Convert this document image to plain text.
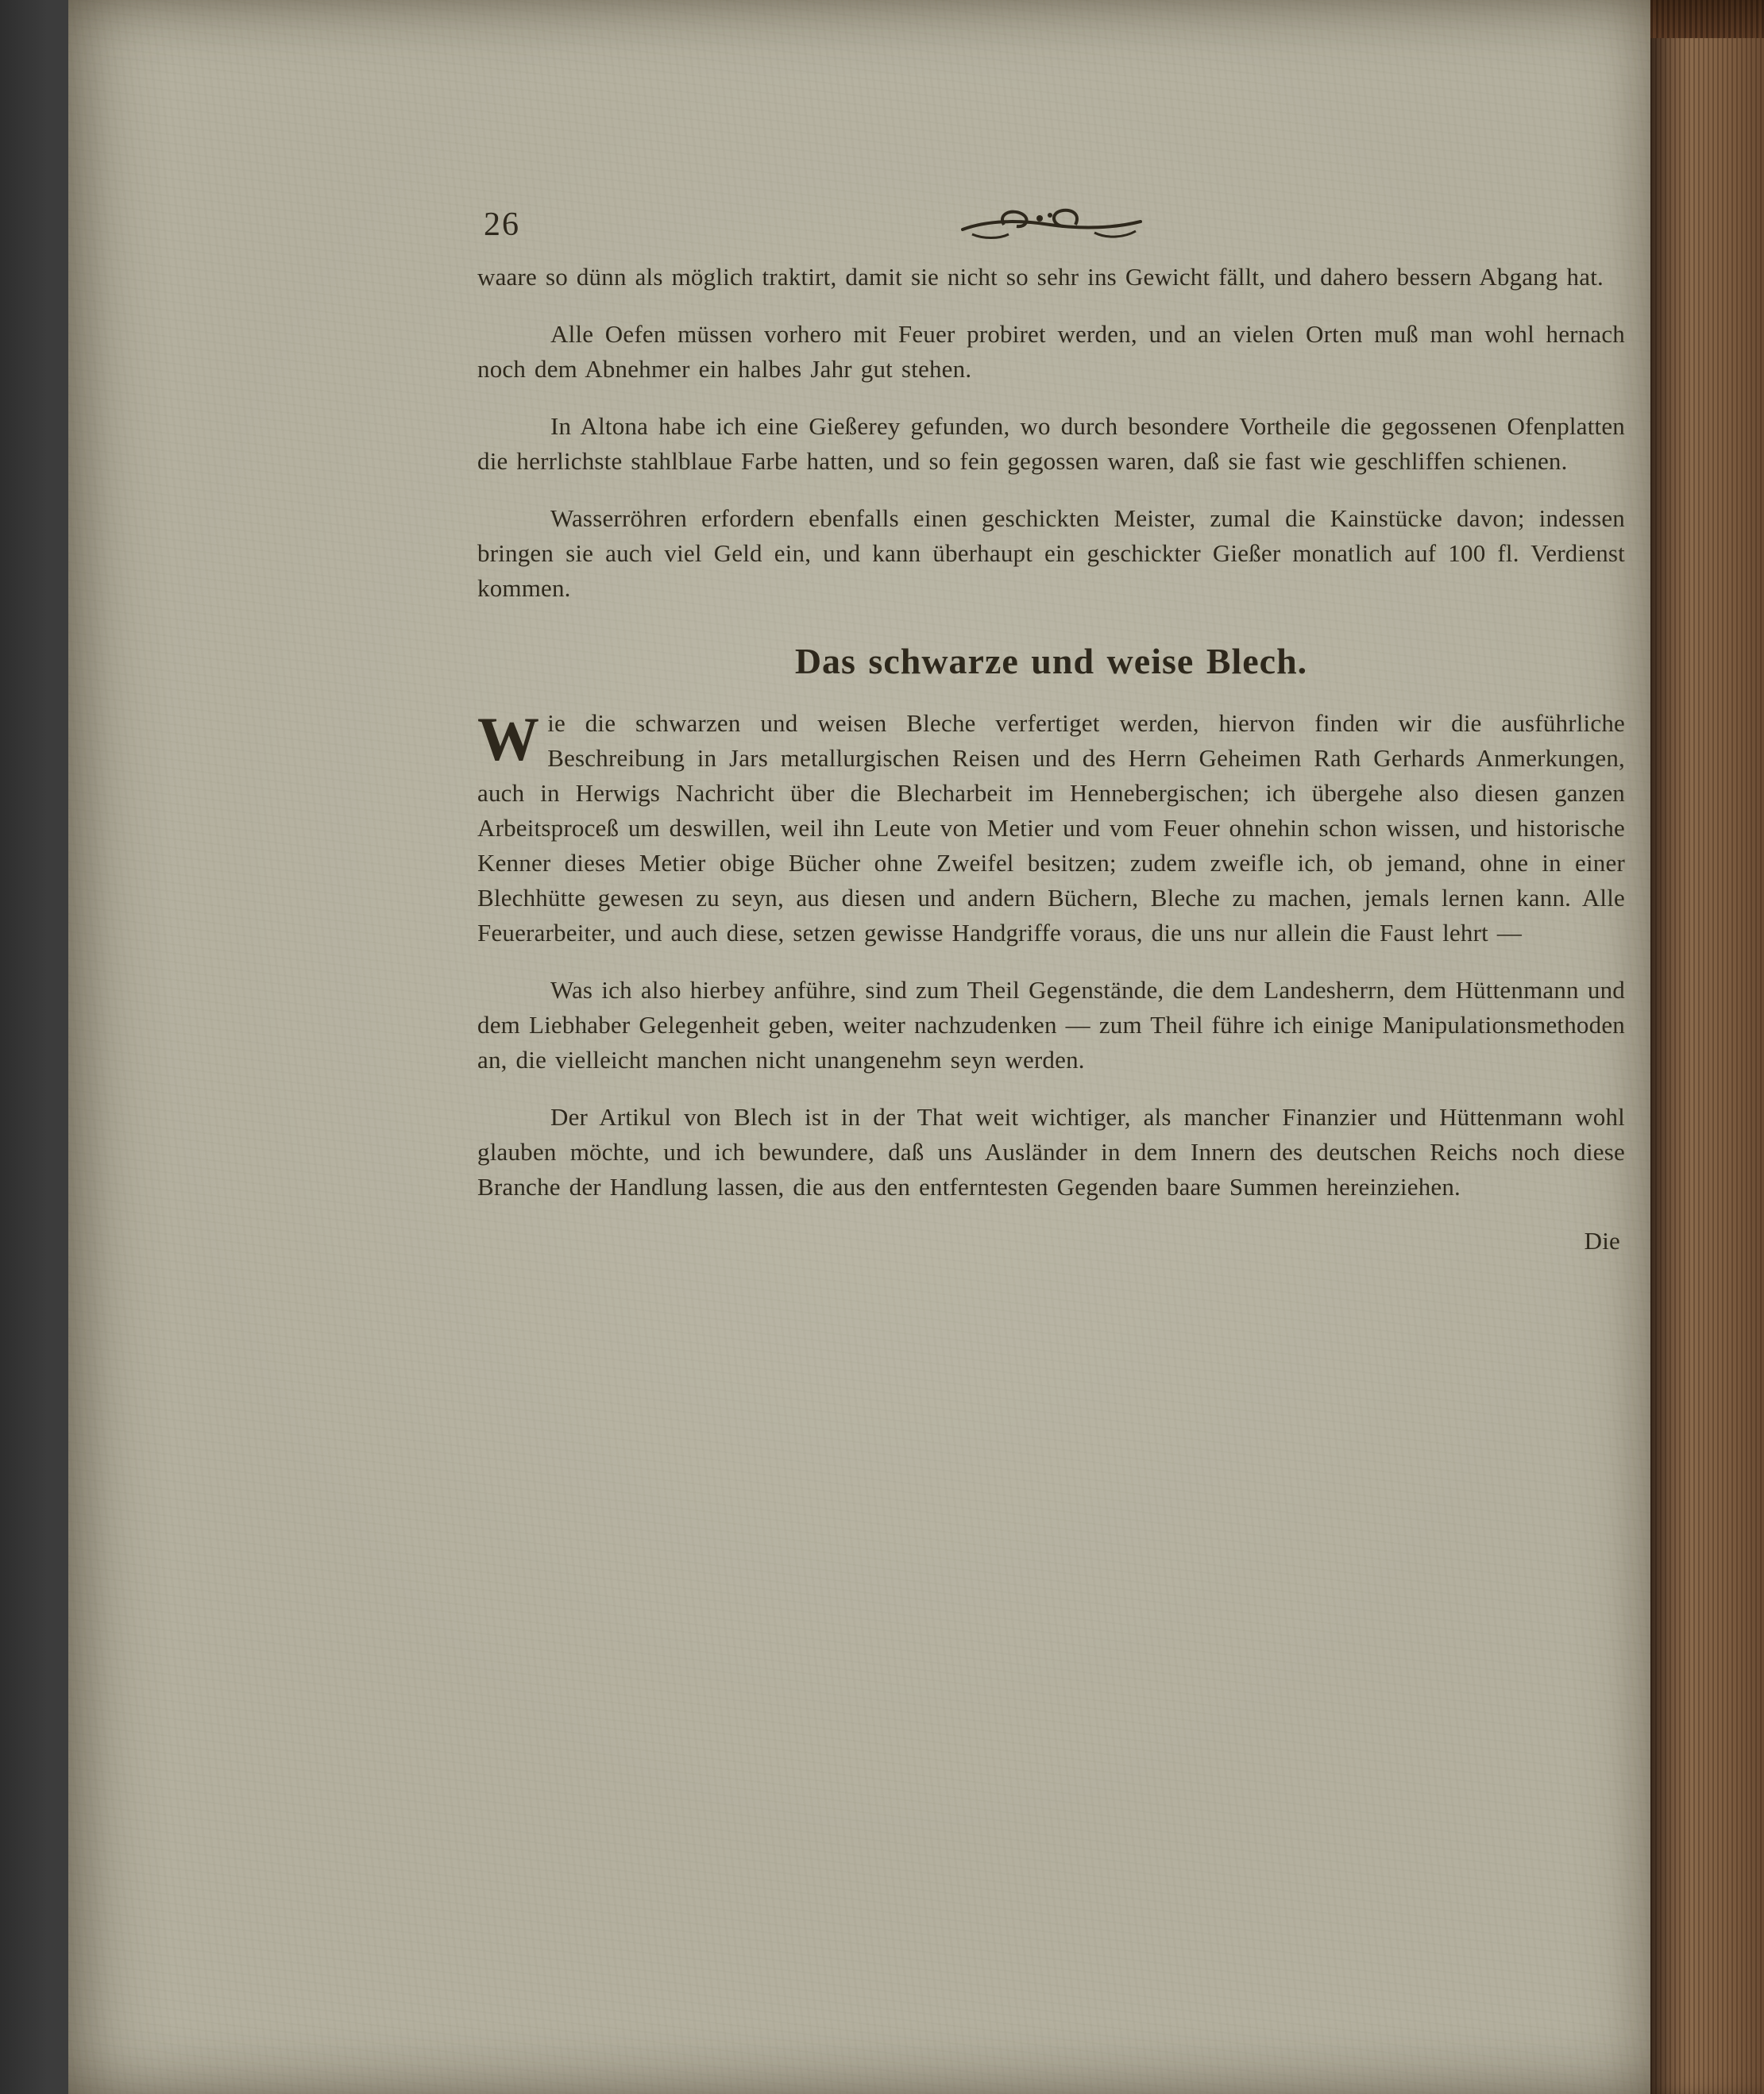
26

waare so dünn als möglich traktirt, damit sie nicht so sehr ins Gewicht fällt, und dahero bessern Abgang hat.

Alle Oefen müssen vorhero mit Feuer probiret werden, und an vielen Orten muß man wohl hernach noch dem Abnehmer ein halbes Jahr gut stehen.

In Altona habe ich eine Gießerey gefunden, wo durch besondere Vortheile die gegossenen Ofenplatten die herrlichste stahlblaue Farbe hatten, und so fein gegossen waren, daß sie fast wie geschliffen schienen.

Wasserröhren erfordern ebenfalls einen geschickten Meister, zumal die Kainstücke davon; indessen bringen sie auch viel Geld ein, und kann überhaupt ein geschickter Gießer monatlich auf 100 fl. Verdienst kommen.

Das schwarze und weise Blech.

Wie die schwarzen und weisen Bleche verfertiget werden, hiervon finden wir die ausführliche Beschreibung in Jars metallurgischen Reisen und des Herrn Geheimen Rath Gerhards Anmerkungen, auch in Herwigs Nachricht über die Blecharbeit im Hennebergischen; ich übergehe also diesen ganzen Arbeitsproceß um deswillen, weil ihn Leute von Metier und vom Feuer ohnehin schon wissen, und historische Kenner dieses Metier obige Bücher ohne Zweifel besitzen; zudem zweifle ich, ob jemand, ohne in einer Blechhütte gewesen zu seyn, aus diesen und andern Büchern, Bleche zu machen, jemals lernen kann. Alle Feuerarbeiter, und auch diese, setzen gewisse Handgriffe voraus, die uns nur allein die Faust lehrt —

Was ich also hierbey anführe, sind zum Theil Gegenstände, die dem Landesherrn, dem Hüttenmann und dem Liebhaber Gelegenheit geben, weiter nachzudenken — zum Theil führe ich einige Manipulationsmethoden an, die vielleicht manchen nicht unangenehm seyn werden.

Der Artikul von Blech ist in der That weit wichtiger, als mancher Finanzier und Hüttenmann wohl glauben möchte, und ich bewundere, daß uns Ausländer in dem Innern des deutschen Reichs noch diese Branche der Handlung lassen, die aus den entferntesten Gegenden baare Summen hereinziehen.

Die
